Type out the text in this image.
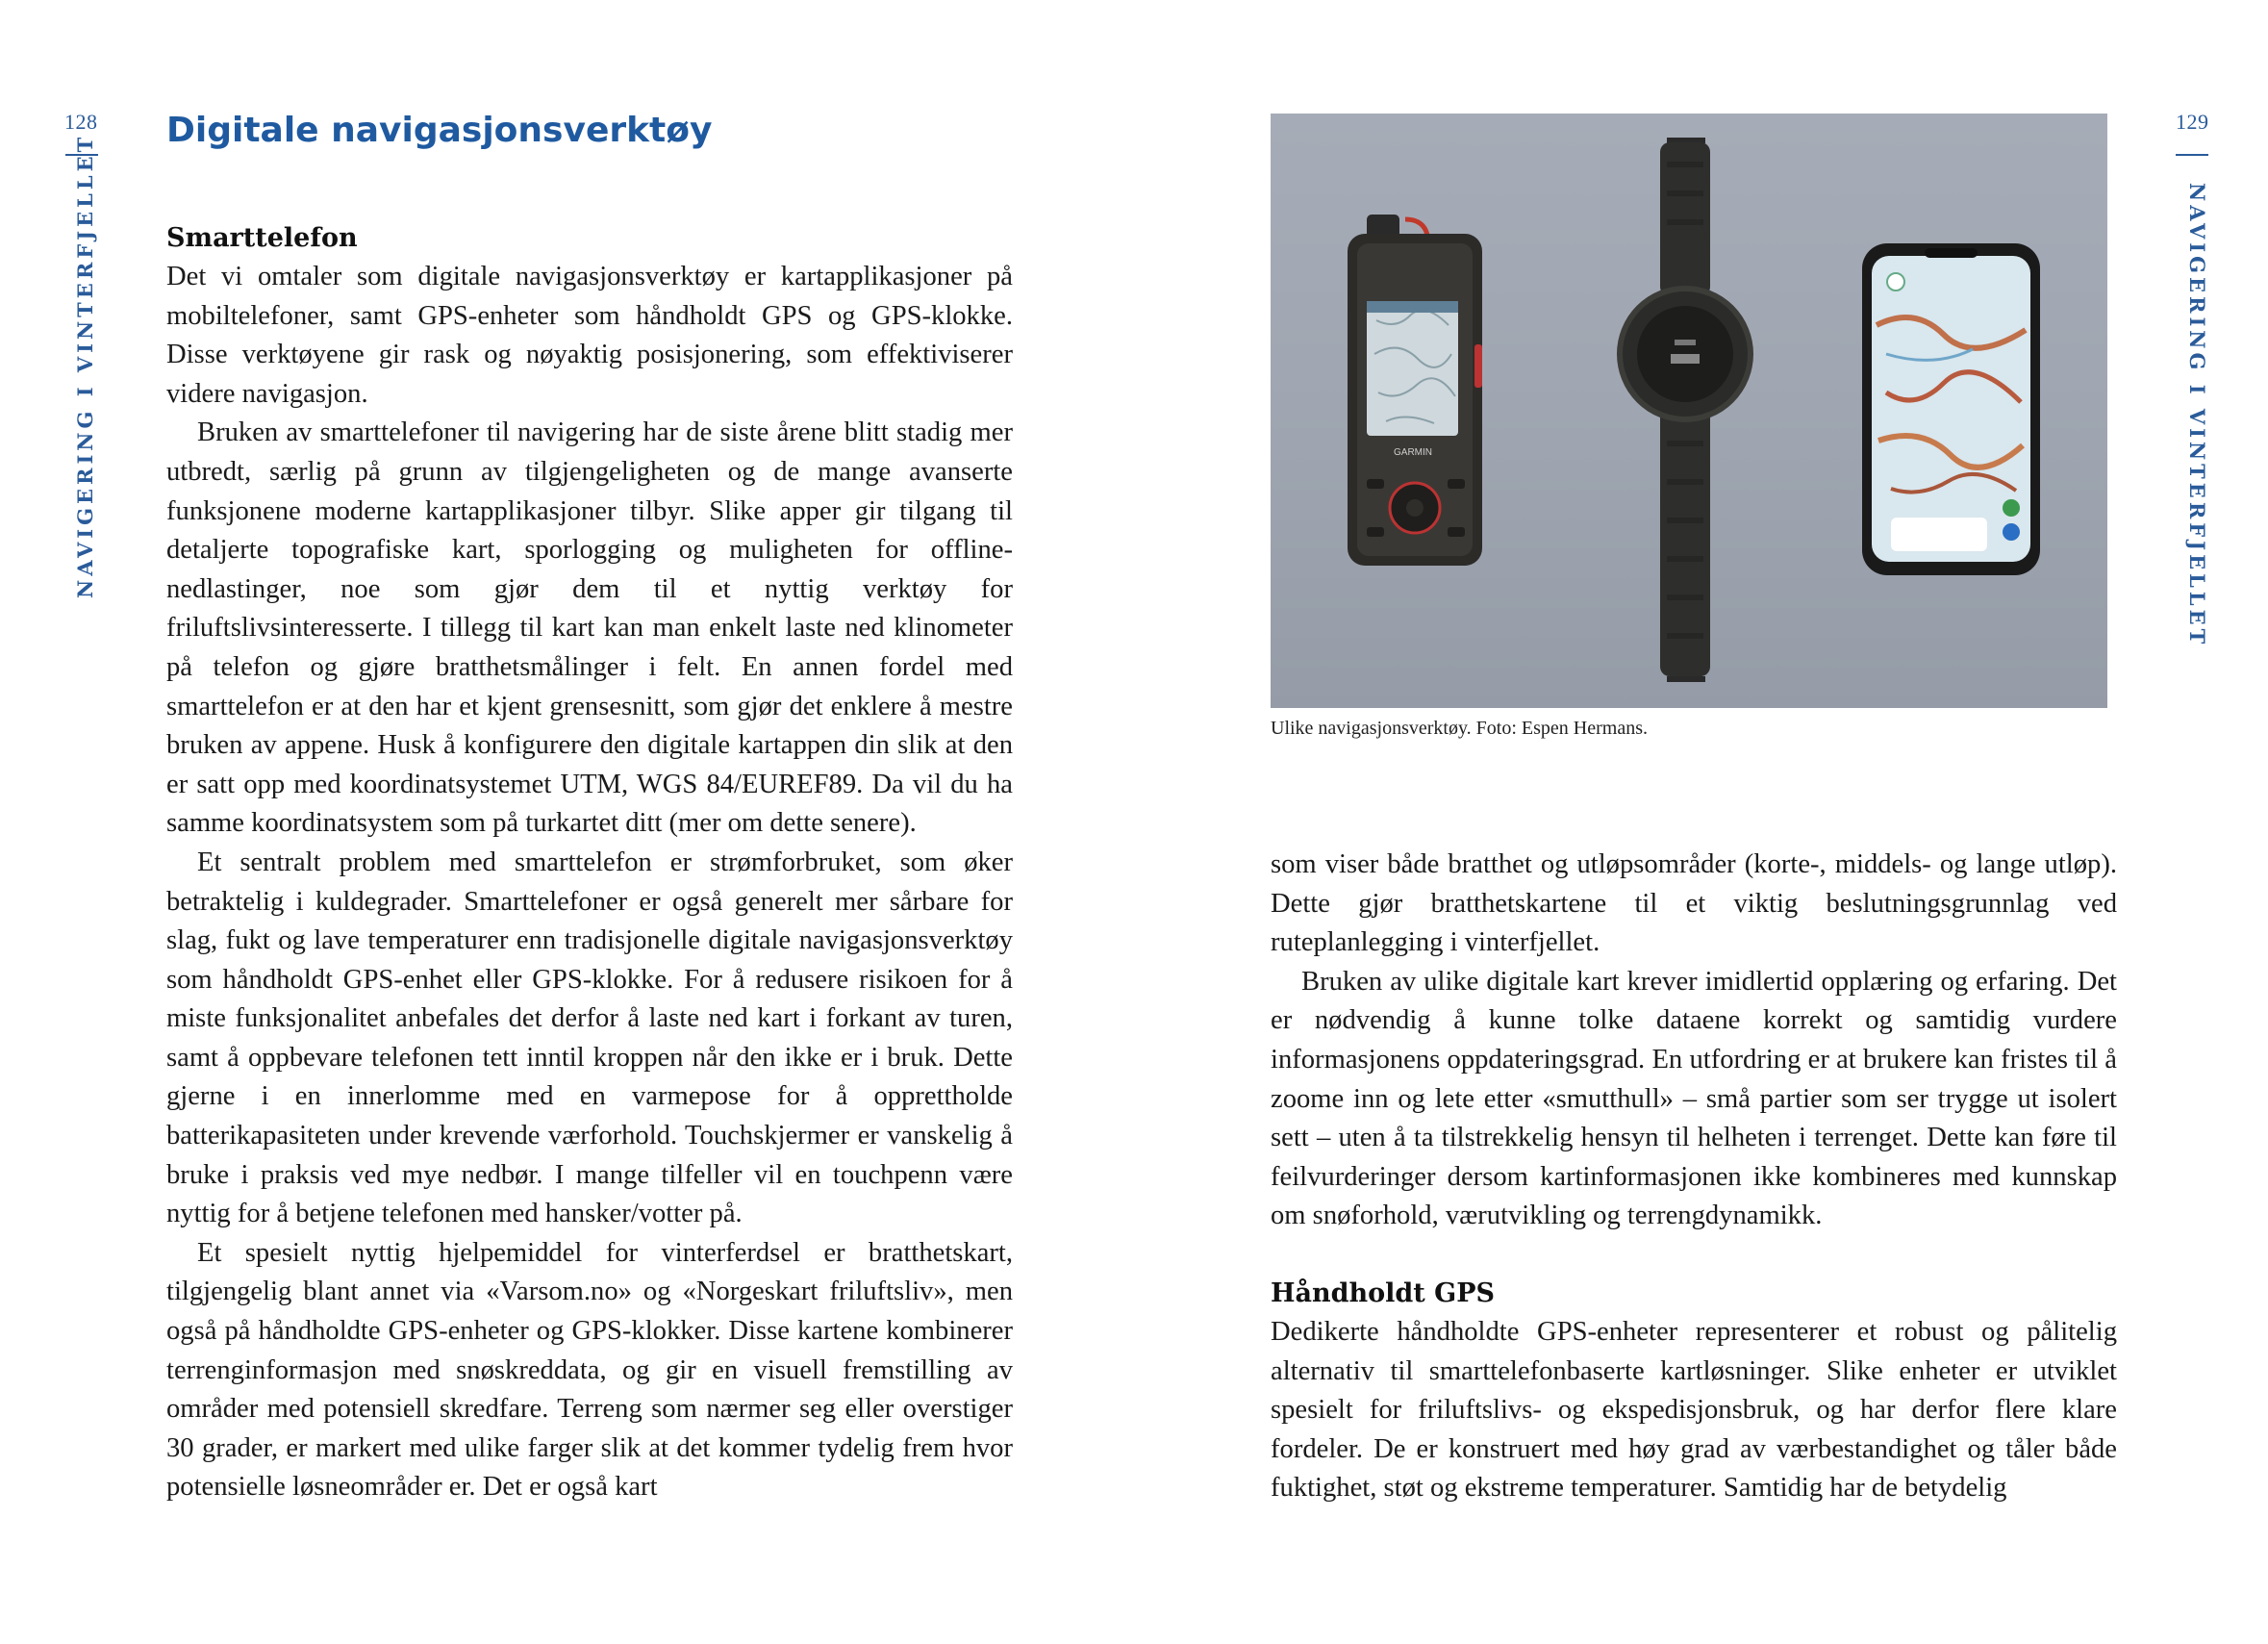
128
NAVIGERING I VINTERFJELLET
Digitale navigasjonsverktøy
Smarttelefon

Det vi omtaler som digitale navigasjonsverktøy er kartapplikasjoner på mobiltelefoner, samt GPS-enheter som håndholdt GPS og GPS-klokke. Disse verktøyene gir rask og nøyaktig posisjonering, som effektiviserer videre navigasjon.

Bruken av smarttelefoner til navigering har de siste årene blitt stadig mer utbredt, særlig på grunn av tilgjengeligheten og de mange avanserte funksjonene moderne kartapplikasjoner tilbyr. Slike apper gir tilgang til detaljerte topografiske kart, sporlogging og muligheten for offline-nedlastinger, noe som gjør dem til et nyttig verktøy for friluftslivsinteresserte. I tillegg til kart kan man enkelt laste ned klinometer på telefon og gjøre bratthetsmålinger i felt. En annen fordel med smarttelefon er at den har et kjent grensesnitt, som gjør det enklere å mestre bruken av appene. Husk å konfigurere den digitale kartappen din slik at den er satt opp med koordinatsystemet UTM, WGS 84/EUREF89. Da vil du ha samme koordinatsystem som på turkartet ditt (mer om dette senere).

Et sentralt problem med smarttelefon er strømforbruket, som øker betraktelig i kuldegrader. Smarttelefoner er også generelt mer sårbare for slag, fukt og lave temperaturer enn tradisjonelle digitale navigasjonsverktøy som håndholdt GPS-enhet eller GPS-klokke. For å redusere risikoen for å miste funksjonalitet anbefales det derfor å laste ned kart i forkant av turen, samt å oppbevare telefonen tett inntil kroppen når den ikke er i bruk. Dette gjerne i en innerlomme med en varmepose for å opprettholde batterikapasiteten under krevende værforhold. Touchskjermer er vanskelig å bruke i praksis ved mye nedbør. I mange tilfeller vil en touchpenn være nyttig for å betjene telefonen med hansker/votter på.

Et spesielt nyttig hjelpemiddel for vinterferdsel er bratthetskart, tilgjengelig blant annet via «Varsom.no» og «Norgeskart friluftsliv», men også på håndholdte GPS-enheter og GPS-klokker. Disse kartene kombinerer terrenginformasjon med snøskreddata, og gir en visuell fremstilling av områder med potensiell skredfare. Terreng som nærmer seg eller overstiger 30 grader, er markert med ulike farger slik at det kommer tydelig frem hvor potensielle løsneområder er. Det er også kart

129
NAVIGERING I VINTERFJELLET
GARMIN
Ulike navigasjonsverktøy. Foto: Espen Hermans.

som viser både bratthet og utløpsområder (korte-, middels- og lange utløp). Dette gjør bratthetskartene til et viktig beslutningsgrunnlag ved ruteplanlegging i vinterfjellet.

Bruken av ulike digitale kart krever imidlertid opplæring og erfaring. Det er nødvendig å kunne tolke dataene korrekt og samtidig vurdere informasjonens oppdateringsgrad. En utfordring er at brukere kan fristes til å zoome inn og lete etter «smutthull» – små partier som ser trygge ut isolert sett – uten å ta tilstrekkelig hensyn til helheten i terrenget. Dette kan føre til feilvurderinger dersom kartinformasjonen ikke kombineres med kunnskap om snøforhold, værutvikling og terrengdynamikk.

Håndholdt GPS

Dedikerte håndholdte GPS-enheter representerer et robust og pålitelig alternativ til smarttelefonbaserte kartløsninger. Slike enheter er utviklet spesielt for friluftslivs- og ekspedisjonsbruk, og har derfor flere klare fordeler. De er konstruert med høy grad av værbestandighet og tåler både fuktighet, støt og ekstreme temperaturer. Samtidig har de betydelig
